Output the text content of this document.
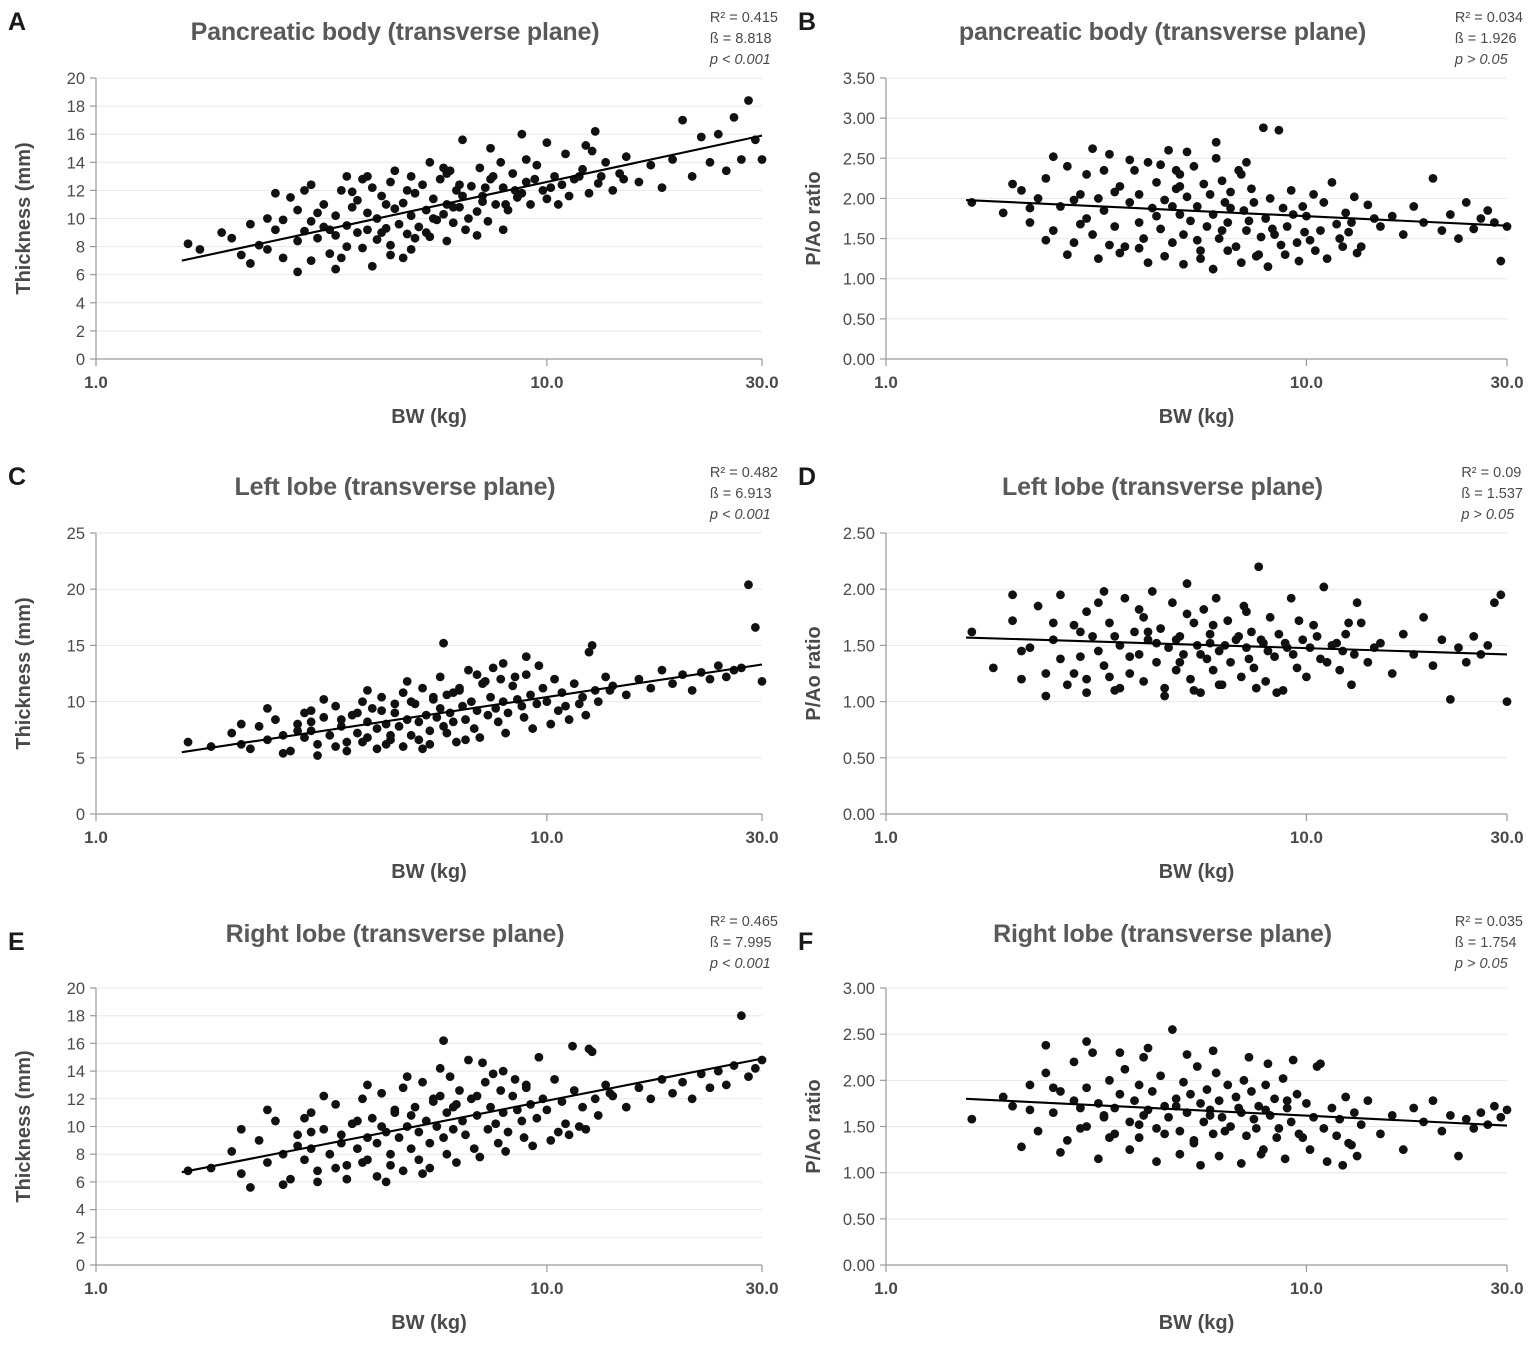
A	Pancreatic body (transverse plane)	R² = 0.415
ß = 8.818
p < 0.001
0
2
4
6
8
10
12
14
16
18
20
1.0	10.0	30.0
BW (kg)
Thickness (mm)
B	pancreatic body (transverse plane)	R² = 0.034
ß = 1.926
p > 0.05
0.00
0.50
1.00
1.50
2.00
2.50
3.00
3.50
1.0	10.0	30.0
BW (kg)
P/Ao ratio
C	Left lobe (transverse plane)	R² = 0.482
ß = 6.913
p < 0.001
0
5
10
15
20
25
1.0	10.0	30.0
BW (kg)
Thickness (mm)
D	Left lobe (transverse plane)	R² = 0.09
ß = 1.537
p > 0.05
0.00
0.50
1.00
1.50
2.00
2.50
1.0	10.0	30.0
BW (kg)
P/Ao ratio
E	Right lobe (transverse plane)	R² = 0.465
ß = 7.995
p < 0.001
0
2
4
6
8
10
12
14
16
18
20
1.0	10.0	30.0
BW (kg)
Thickness (mm)
F	Right lobe (transverse plane)	R² = 0.035
ß = 1.754
p > 0.05
0.00
0.50
1.00
1.50
2.00
2.50
3.00
1.0	10.0	30.0
BW (kg)
P/Ao ratio
